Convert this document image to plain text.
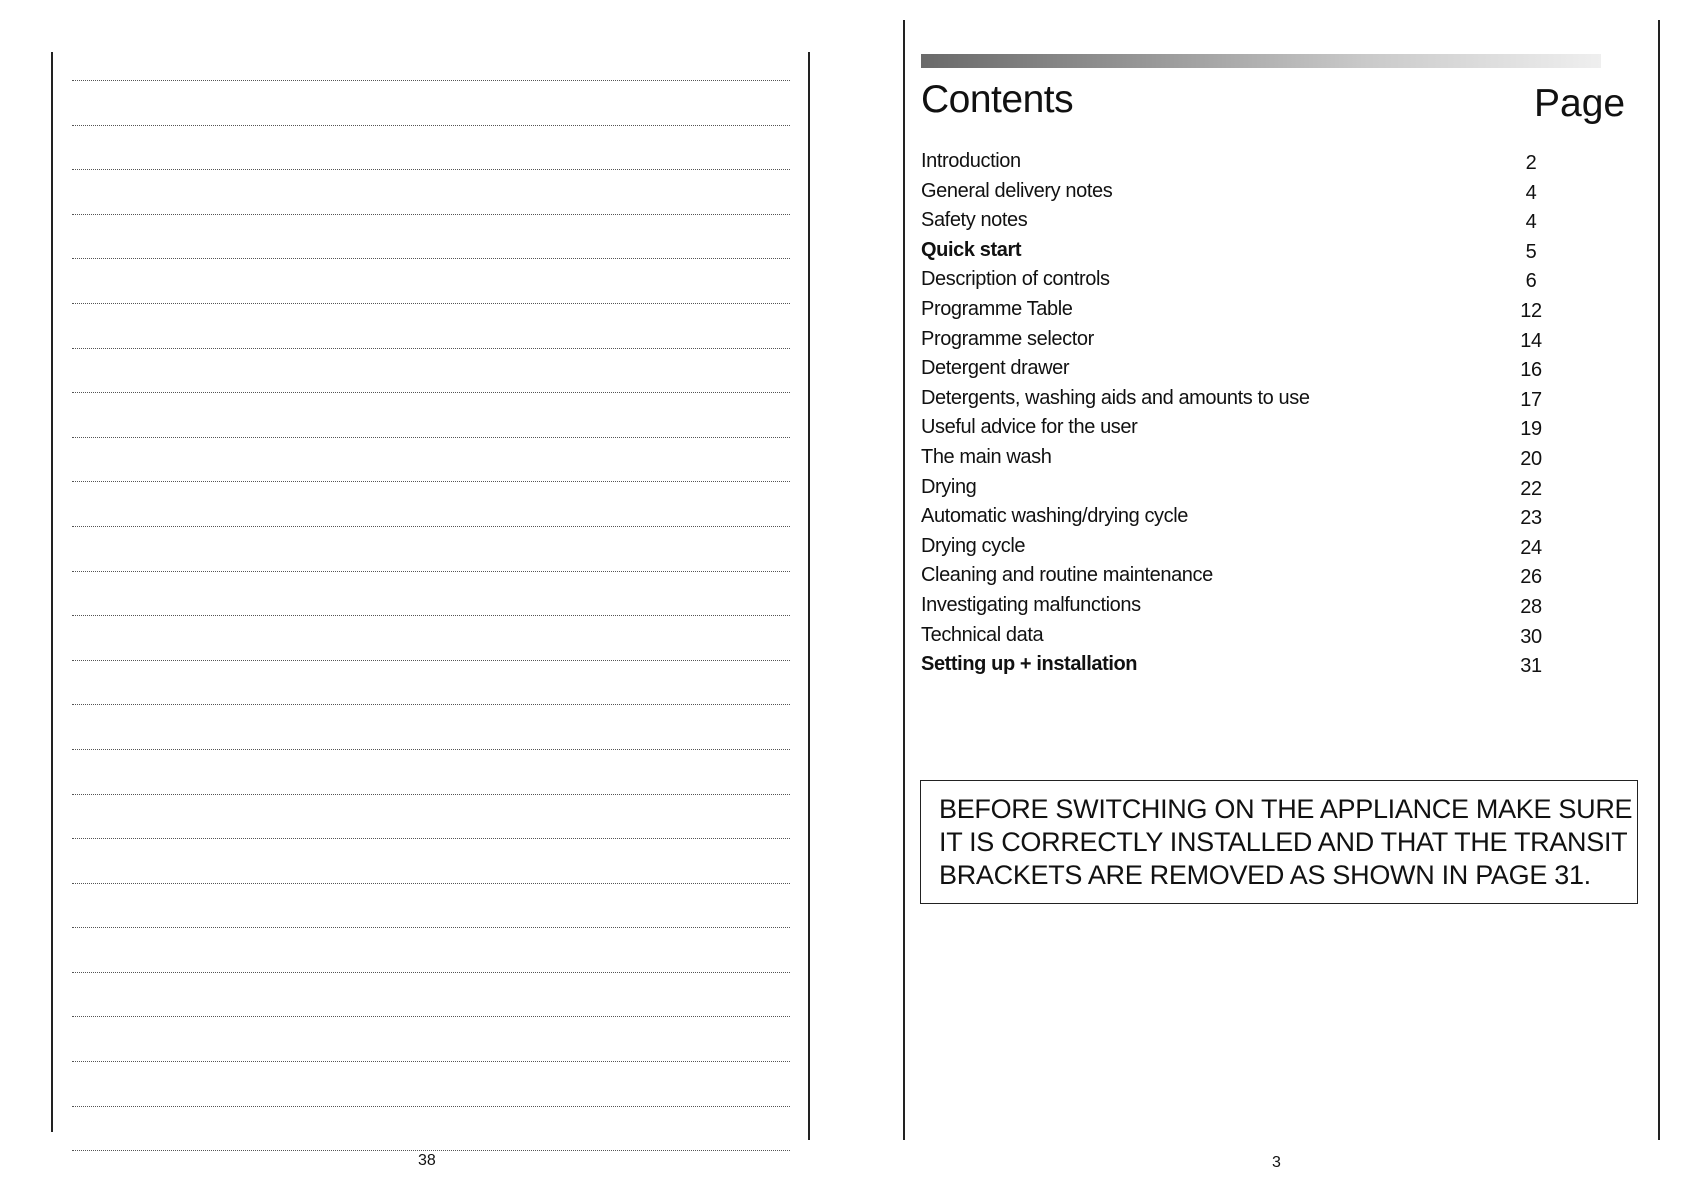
38
Contents	Page
Introduction	2
General delivery notes	4
Safety notes	4
Quick start	5
Description of controls	6
Programme Table	12
Programme selector	14
Detergent drawer	16
Detergents, washing aids and amounts to use	17
Useful advice for the user	19
The main wash	20
Drying	22
Automatic washing/drying cycle	23
Drying cycle	24
Cleaning and routine maintenance	26
Investigating malfunctions	28
Technical data	30
Setting up + installation	31
BEFORE SWITCHING ON THE APPLIANCE MAKE SURE
IT IS CORRECTLY INSTALLED AND THAT THE TRANSIT
BRACKETS ARE REMOVED AS SHOWN IN PAGE 31.
3
